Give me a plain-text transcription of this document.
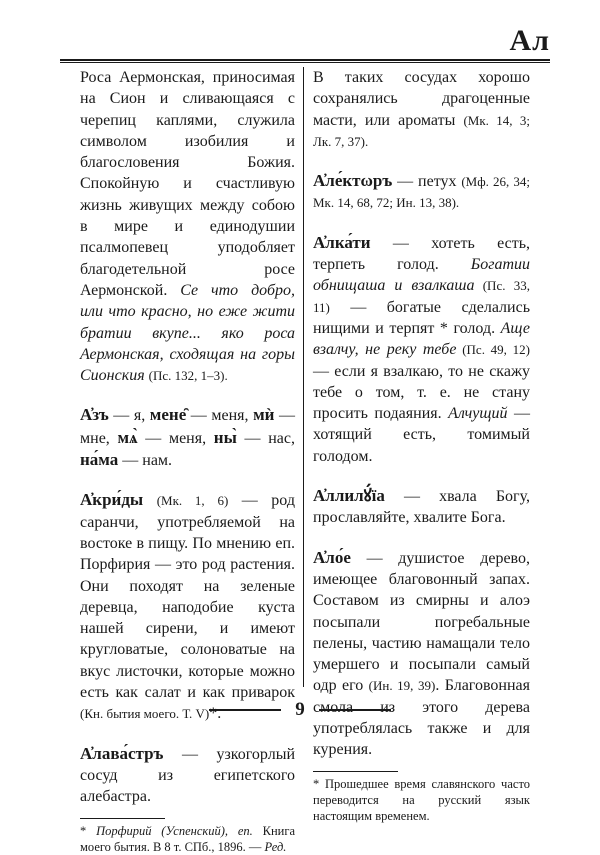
Ал

Роса Аермонская, приносимая на Сион и сливающаяся с черепиц каплями, служила символом изобилия и благословения Божия. Спокойную и счастливую жизнь живущих между собою в мире и единодушии псалмопевец уподобляет благодетельной росе Аермонской. Се что добро, или что красно, но еже жити братии вкупе... яко роса Аермонская, сходящая на горы Сионския (Пс. 132, 1–3).

А̓зъ — я, мене̑ — меня, мѝ — мне, мѧ̀ — меня, ны̀ — нас, на́ма — нам.

А̓кри́ды (Мк. 1, 6) — род саранчи, употребляемой на востоке в пищу. По мнению еп. Порфирия — это род растения. Они походят на зеленые деревца, наподобие куста нашей сирени, и имеют кругловатые, солоноватые на вкус листочки, которые можно есть как салат и как приварок (Кн. бытия моего. Т. V)*.

А̓лава́стръ — узкогорлый сосуд из египетского алебастра.

* Порфирий (Успенский), еп. Книга моего бытия. В 8 т. СПб., 1896. — Ред.

В таких сосудах хорошо сохранялись драгоценные масти, или ароматы (Мк. 14, 3; Лк. 7, 37).

А̓ле́ктωръ — петух (Мф. 26, 34; Мк. 14, 68, 72; Ин. 13, 38).

А̓лка́ти — хотеть есть, терпеть голод. Богатии обнищаша и взалкаша (Пс. 33, 11) — богатые сделались нищими и терпят * голод. Аще взалчу, не реку тебе (Пс. 49, 12) — если я взалкаю, то не скажу тебе о том, т. е. не стану просить подаяния. Алчущий — хотящий есть, томимый голодом.

А̓ллилꙋ́їа — хвала Богу, прославляйте, хвалите Бога.

А̓ло́е — душистое дерево, имеющее благовонный запах. Составом из смирны и алоэ посыпали погребальные пелены, частию намащали тело умершего и посыпали самый одр его (Ин. 19, 39). Благовонная смола из этого дерева употреблялась также и для курения.

* Прошедшее время славянского часто переводится на русский язык настоящим временем.

9
